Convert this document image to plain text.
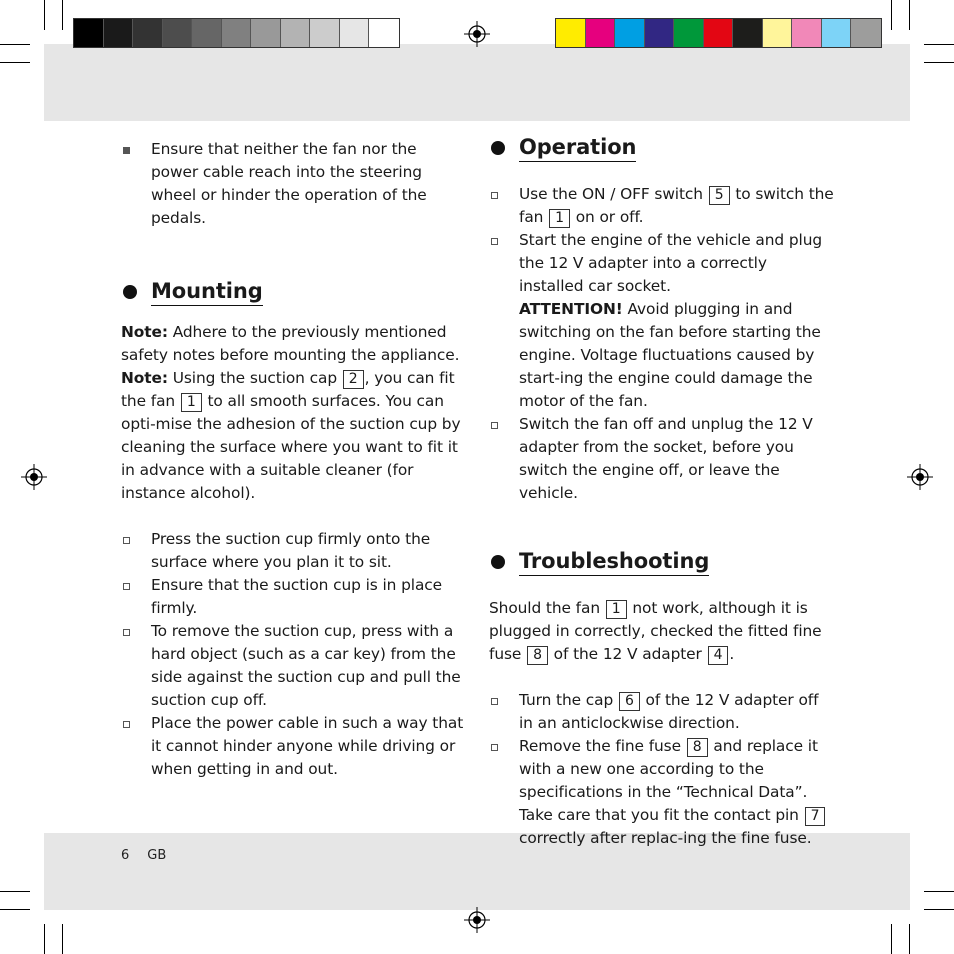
Ensure that neither the fan nor the power cable reach into the steering wheel or hinder the operation of the pedals.
Mounting

Note: Adhere to the previously mentioned safety notes before mounting the appliance.

Note: Using the suction cap 2 , you can fit the fan 1 to all smooth surfaces. You can opti-mise the adhesion of the suction cup by cleaning the surface where you want to fit it in advance with a suitable cleaner (for instance alcohol).

Press the suction cup firmly onto the surface where you plan it to sit.
Ensure that the suction cup is in place firmly.
To remove the suction cup, press with a hard object (such as a car key) from the side against the suction cup and pull the suction cup off.
Place the power cable in such a way that it cannot hinder anyone while driving or when getting in and out.
Operation
Use the ON / OFF switch 5 to switch the fan 1 on or off.
Start the engine of the vehicle and plug the 12 V adapter into a correctly installed car socket.
ATTENTION! Avoid plugging in and switching on the fan before starting the engine. Voltage fluctuations caused by start-ing the engine could damage the motor of the fan.
Switch the fan off and unplug the 12 V adapter from the socket, before you switch the engine off, or leave the vehicle.
Troubleshooting

Should the fan 1 not work, although it is plugged in correctly, checked the fitted fine fuse 8 of the 12 V adapter 4 .

Turn the cap 6 of the 12 V adapter off in an anticlockwise direction.
Remove the fine fuse 8 and replace it with a new one according to the specifications in the “Technical Data”. Take care that you fit the contact pin 7 correctly after replac-ing the fine fuse.
6 GB
